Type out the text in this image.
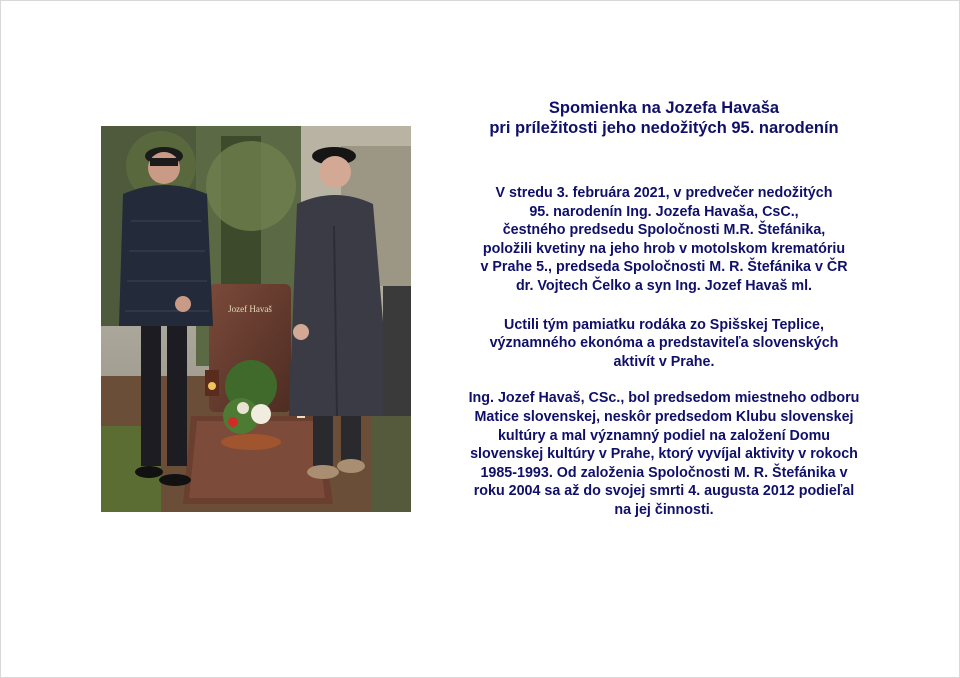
Jozef Havaš

Spomienka na Jozefa Havaša
pri príležitosti jeho nedožitých 95. narodenín

V stredu 3. februára 2021, v predvečer nedožitých
95. narodenín Ing. Jozefa Havaša, CsC.,
čestného predsedu Spoločnosti M.R. Štefánika,
položili kvetiny na jeho hrob v motolskom krematóriu
v Prahe 5., predseda Spoločnosti M. R. Štefánika v ČR
dr. Vojtech Čelko a syn Ing. Jozef Havaš ml.

Uctili tým pamiatku rodáka zo Spišskej Teplice,
významného ekonóma a predstaviteľa slovenských
aktivít v Prahe.

Ing. Jozef Havaš, CSc., bol predsedom miestneho odboru
Matice slovenskej, neskôr predsedom Klubu slovenskej
kultúry a mal významný podiel na založení Domu
slovenskej kultúry v Prahe, ktorý vyvíjal aktivity v rokoch
1985-1993. Od založenia Spoločnosti M. R. Štefánika v
roku 2004 sa až do svojej smrti 4. augusta 2012 podieľal
na jej činnosti.
